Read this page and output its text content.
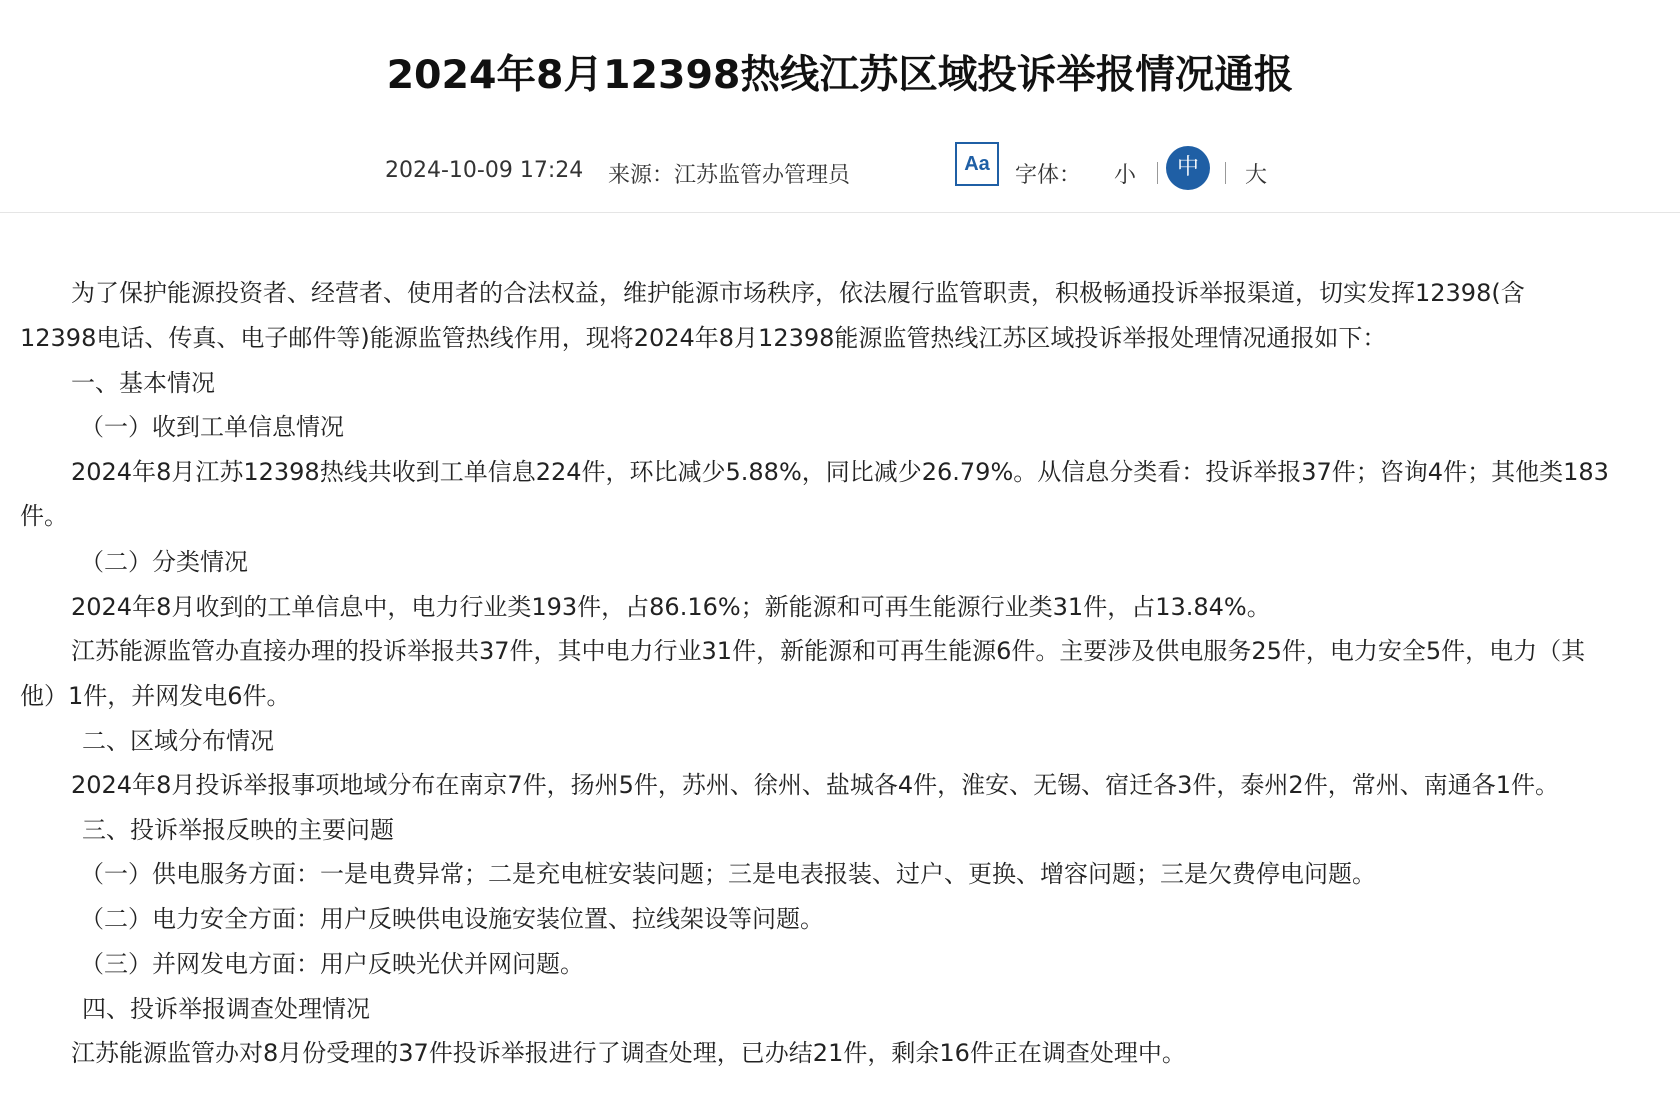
2024年8月12398热线江苏区域投诉举报情况通报
2024-10-09 17:24 来源：江苏监管办管理员	Aa	字体： 小	中	大
为了保护能源投资者、经营者、使用者的合法权益，维护能源市场秩序，依法履行监管职责，积极畅通投诉举报渠道，切实发挥12398(含
12398电话、传真、电子邮件等)能源监管热线作用，现将2024年8月12398能源监管热线江苏区域投诉举报处理情况通报如下：
一、基本情况
（一）收到工单信息情况
2024年8月江苏12398热线共收到工单信息224件，环比减少5.88%，同比减少26.79%。从信息分类看：投诉举报37件；咨询4件；其他类183
件。
（二）分类情况
2024年8月收到的工单信息中，电力行业类193件，占86.16%；新能源和可再生能源行业类31件，占13.84%。
江苏能源监管办直接办理的投诉举报共37件，其中电力行业31件，新能源和可再生能源6件。主要涉及供电服务25件，电力安全5件，电力（其
他）1件，并网发电6件。
二、区域分布情况
2024年8月投诉举报事项地域分布在南京7件，扬州5件，苏州、徐州、盐城各4件，淮安、无锡、宿迁各3件，泰州2件，常州、南通各1件。
三、投诉举报反映的主要问题
（一）供电服务方面：一是电费异常；二是充电桩安装问题；三是电表报装、过户、更换、增容问题；三是欠费停电问题。
（二）电力安全方面：用户反映供电设施安装位置、拉线架设等问题。
（三）并网发电方面：用户反映光伏并网问题。
四、投诉举报调查处理情况
江苏能源监管办对8月份受理的37件投诉举报进行了调查处理，已办结21件，剩余16件正在调查处理中。
